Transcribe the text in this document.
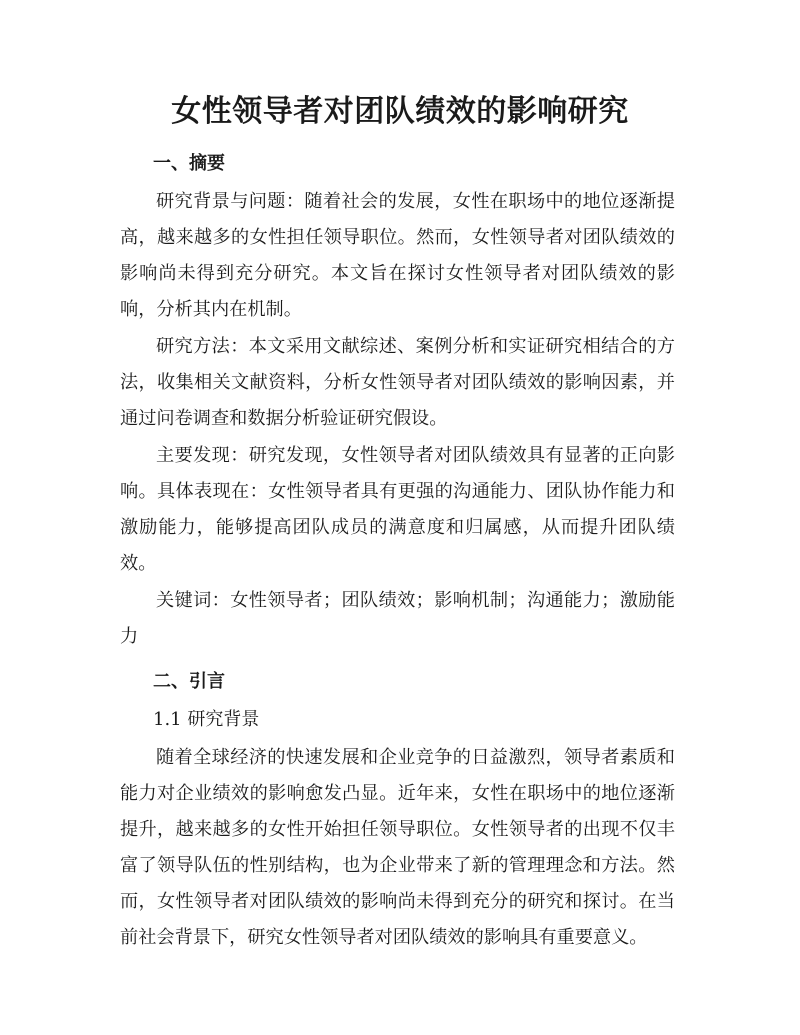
女性领导者对团队绩效的影响研究
一、摘要

研究背景与问题：随着社会的发展，女性在职场中的地位逐渐提高，越来越多的女性担任领导职位。然而，女性领导者对团队绩效的影响尚未得到充分研究。本文旨在探讨女性领导者对团队绩效的影响，分析其内在机制。

研究方法：本文采用文献综述、案例分析和实证研究相结合的方法，收集相关文献资料，分析女性领导者对团队绩效的影响因素，并通过问卷调查和数据分析验证研究假设。

主要发现：研究发现，女性领导者对团队绩效具有显著的正向影响。具体表现在：女性领导者具有更强的沟通能力、团队协作能力和激励能力，能够提高团队成员的满意度和归属感，从而提升团队绩效。

关键词：女性领导者；团队绩效；影响机制；沟通能力；激励能力

二、引言
1.1 研究背景

随着全球经济的快速发展和企业竞争的日益激烈，领导者素质和能力对企业绩效的影响愈发凸显。近年来，女性在职场中的地位逐渐提升，越来越多的女性开始担任领导职位。女性领导者的出现不仅丰富了领导队伍的性别结构，也为企业带来了新的管理理念和方法。然而，女性领导者对团队绩效的影响尚未得到充分的研究和探讨。在当前社会背景下，研究女性领导者对团队绩效的影响具有重要意义。
